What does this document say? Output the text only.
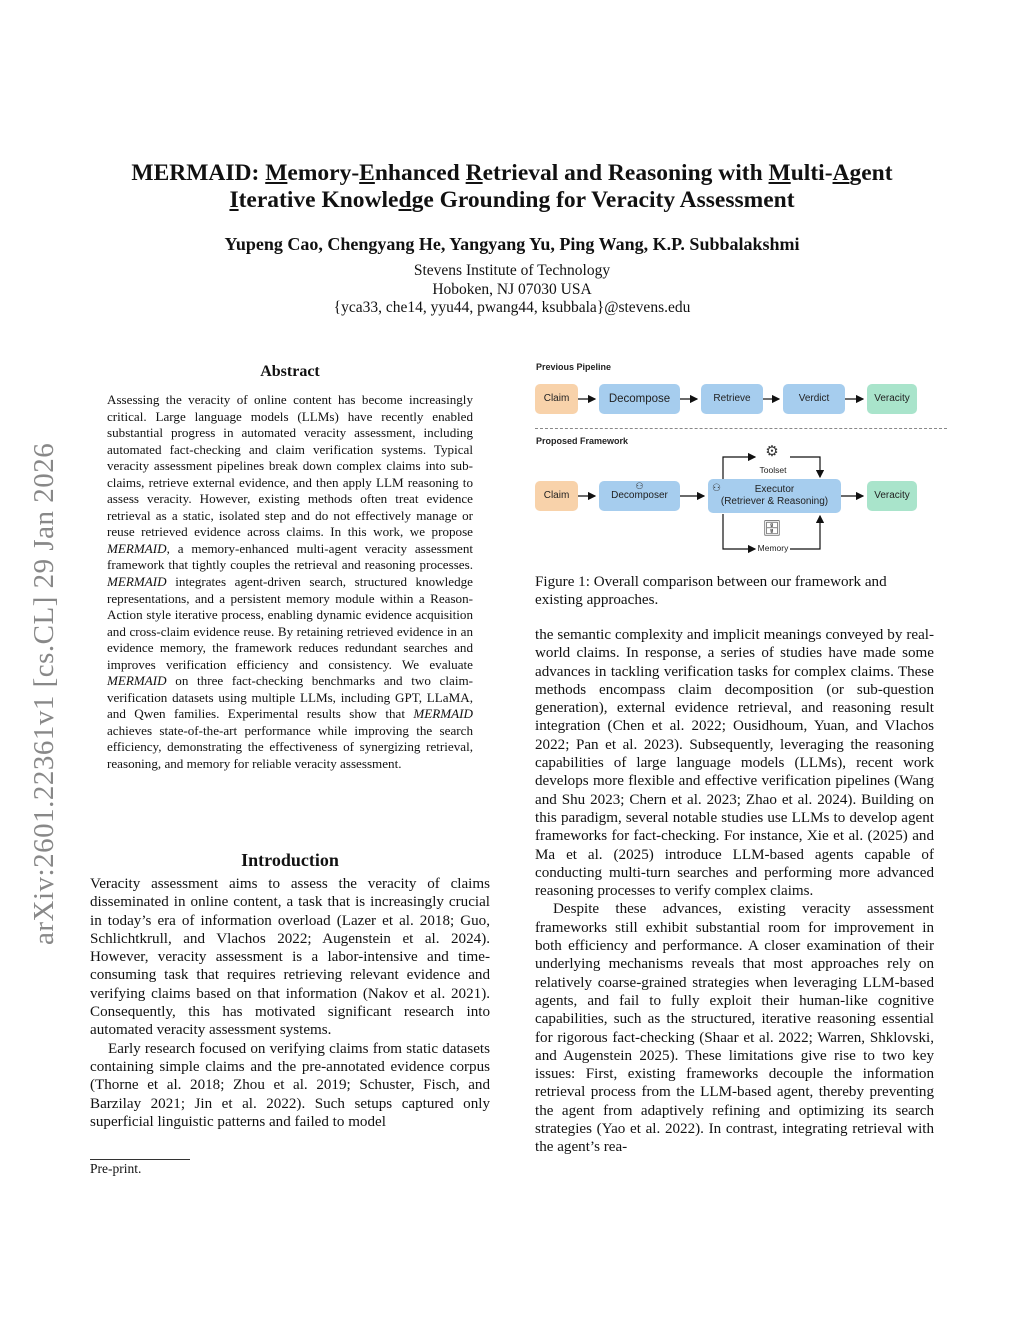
arXiv:2601.22361v1 [cs.CL] 29 Jan 2026
MERMAID: Memory-Enhanced Retrieval and Reasoning with Multi-Agent
Iterative Knowledge Grounding for Veracity Assessment
Yupeng Cao, Chengyang He, Yangyang Yu, Ping Wang, K.P. Subbalakshmi
Stevens Institute of Technology
Hoboken, NJ 07030 USA
{yca33, che14, yyu44, pwang44, ksubbala}@stevens.edu
Abstract
Assessing the veracity of online content has become increasingly critical. Large language models (LLMs) have recently enabled substantial progress in automated veracity assessment, including automated fact-checking and claim verification systems. Typical veracity assessment pipelines break down complex claims into sub-claims, retrieve external evidence, and then apply LLM reasoning to assess veracity. However, existing methods often treat evidence retrieval as a static, isolated step and do not effectively manage or reuse retrieved evidence across claims. In this work, we propose MERMAID, a memory-enhanced multi-agent veracity assessment framework that tightly couples the retrieval and reasoning processes. MERMAID integrates agent-driven search, structured knowledge representations, and a persistent memory module within a Reason-Action style iterative process, enabling dynamic evidence acquisition and cross-claim evidence reuse. By retaining retrieved evidence in an evidence memory, the framework reduces redundant searches and improves verification efficiency and consistency. We evaluate MERMAID on three fact-checking benchmarks and two claim-verification datasets using multiple LLMs, including GPT, LLaMA, and Qwen families. Experimental results show that MERMAID achieves state-of-the-art performance while improving the search efficiency, demonstrating the effectiveness of synergizing retrieval, reasoning, and memory for reliable veracity assessment.
Introduction

Veracity assessment aims to assess the veracity of claims disseminated in online content, a task that is increasingly crucial in today’s era of information overload (Lazer et al. 2018; Guo, Schlichtkrull, and Vlachos 2022; Augenstein et al. 2024). However, veracity assessment is a labor-intensive and time-consuming task that requires retrieving relevant evidence and verifying claims based on that information (Nakov et al. 2021). Consequently, this has motivated significant research into automated veracity assessment systems.

Early research focused on verifying claims from static datasets containing simple claims and the pre-annotated evidence corpus (Thorne et al. 2018; Zhou et al. 2019; Schuster, Fisch, and Barzilay 2021; Jin et al. 2022). Such setups captured only superficial linguistic patterns and failed to model

Pre-print.
Previous Pipeline
Claim	Decompose	Retrieve	Verdict	Veracity
Proposed Framework
⚙
Toolset
Claim
⚇
Decomposer
⚇	Executor
(Retriever & Reasoning)
Veracity
🗄
Memory
Figure 1: Overall comparison between our framework and existing approaches.

the semantic complexity and implicit meanings conveyed by real-world claims. In response, a series of studies have made some advances in tackling verification tasks for complex claims. These methods encompass claim decomposition (or sub-question generation), external evidence retrieval, and reasoning result integration (Chen et al. 2022; Ousidhoum, Yuan, and Vlachos 2022; Pan et al. 2023). Subsequently, leveraging the reasoning capabilities of large language models (LLMs), recent work develops more flexible and effective verification pipelines (Wang and Shu 2023; Chern et al. 2023; Zhao et al. 2024). Building on this paradigm, several notable studies use LLMs to develop agent frameworks for fact-checking. For instance, Xie et al. (2025) and Ma et al. (2025) introduce LLM-based agents capable of conducting multi-turn searches and performing more advanced reasoning processes to verify complex claims.

Despite these advances, existing veracity assessment frameworks still exhibit substantial room for improvement in both efficiency and performance. A closer examination of their underlying mechanisms reveals that most approaches rely on relatively coarse-grained strategies when leveraging LLM-based agents, and fail to fully exploit their human-like cognitive capabilities, such as the structured, iterative reasoning essential for rigorous fact-checking (Shaar et al. 2022; Warren, Shklovski, and Augenstein 2025). These limitations give rise to two key issues: First, existing frameworks decouple the information retrieval process from the LLM-based agent, thereby preventing the agent from adaptively refining and optimizing its search strategies (Yao et al. 2022). In contrast, integrating retrieval with the agent’s rea-
